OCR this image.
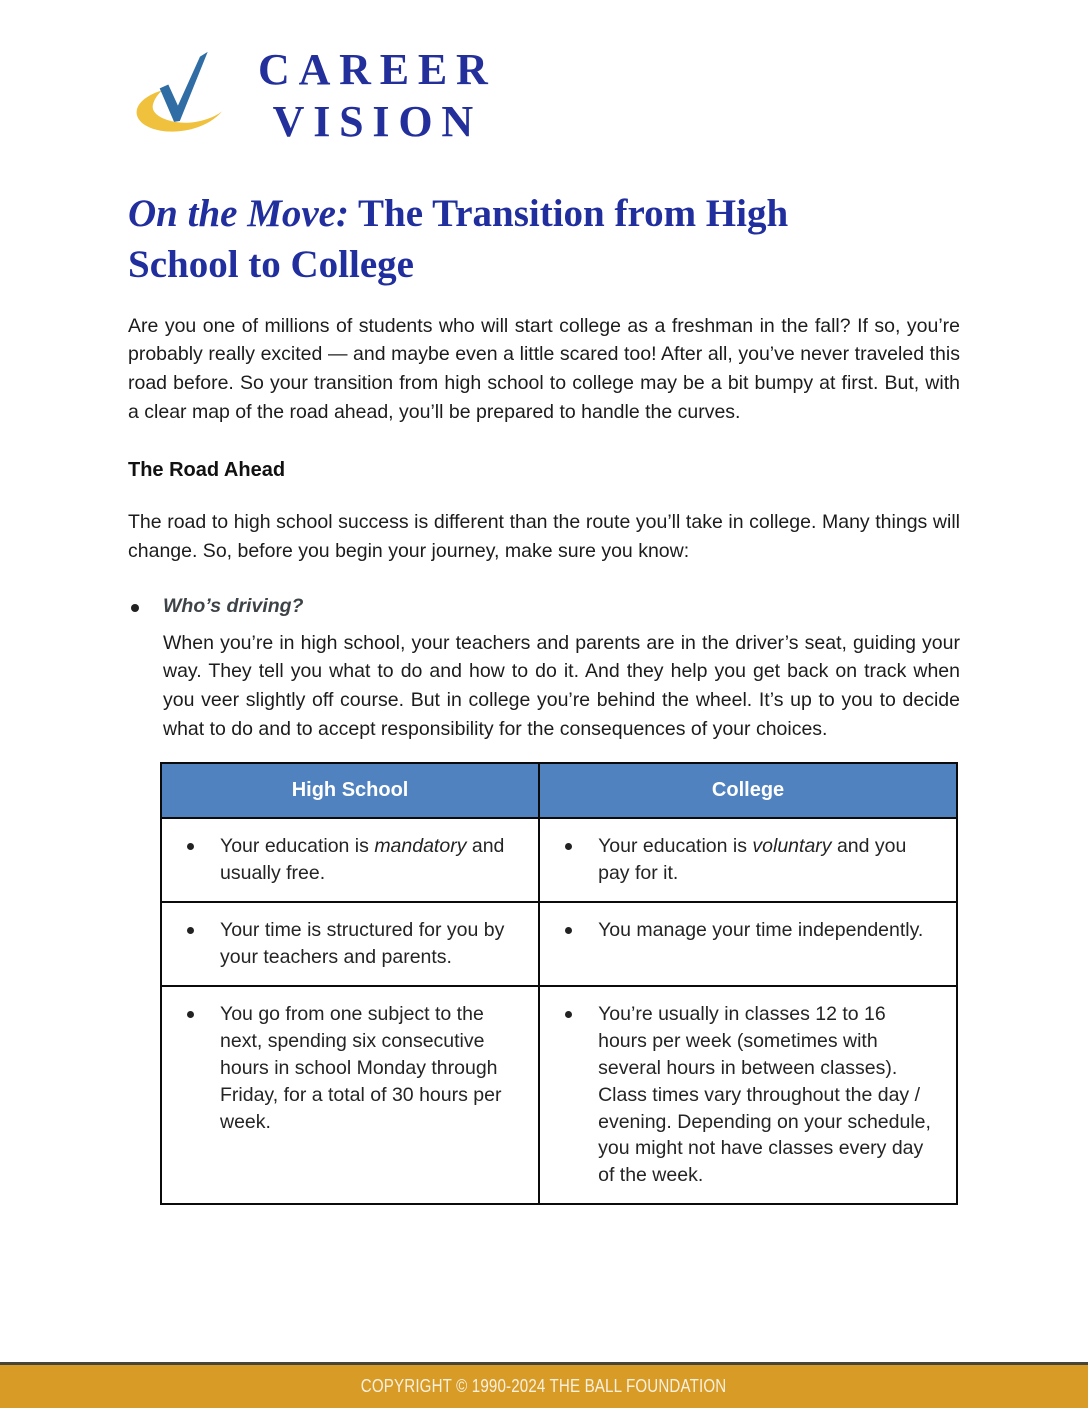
CAREER
VISION
On the Move: The Transition from High
School to College

Are you one of millions of students who will start college as a freshman in the fall? If so, you’re probably really excited — and maybe even a little scared too! After all, you’ve never traveled this road before. So your transition from high school to college may be a bit bumpy at first. But, with a clear map of the road ahead, you’ll be prepared to handle the curves.

The Road Ahead

The road to high school success is different than the route you’ll take in college. Many things will change. So, before you begin your journey, make sure you know:

Who’s driving?

When you’re in high school, your teachers and parents are in the driver’s seat, guiding your way. They tell you what to do and how to do it. And they help you get back on track when you veer slightly off course. But in college you’re behind the wheel. It’s up to you to decide what to do and to accept responsibility for the consequences of your choices.

High School	College

Your education is mandatory and usually free.	Your education is voluntary and you pay for it.

Your time is structured for you by your teachers and parents.	You manage your time independently.

You go from one subject to the next, spending six consecutive hours in school Monday through Friday, for a total of 30 hours per week.	You’re usually in classes 12 to 16 hours per week (sometimes with several hours in between classes). Class times vary throughout the day / evening. Depending on your schedule, you might not have classes every day of the week.
COPYRIGHT © 1990-2024 THE BALL FOUNDATION
